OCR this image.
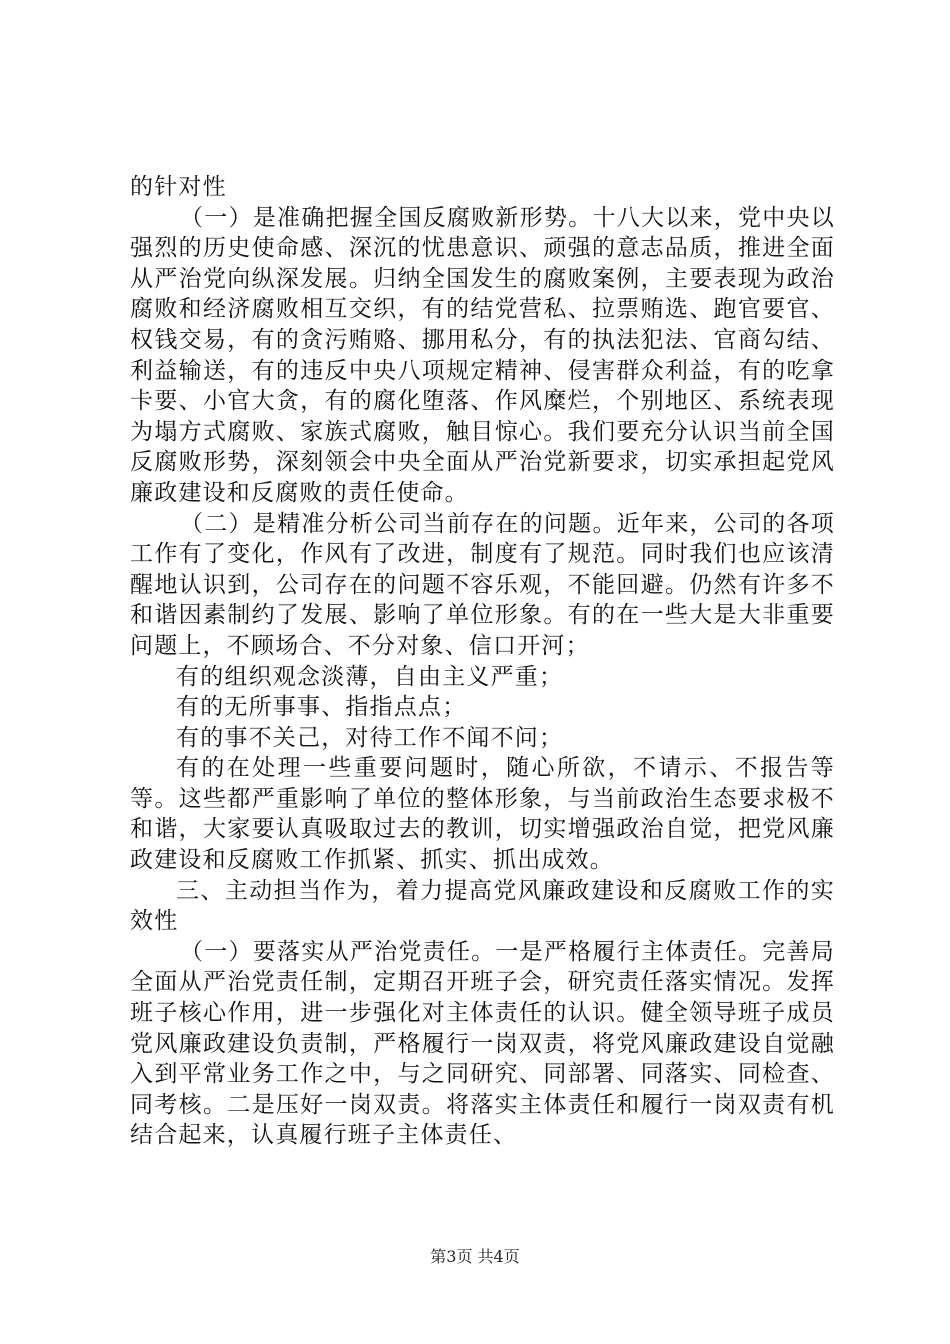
的针对性

（一）是准确把握全国反腐败新形势。十八大以来，党中央以强烈的历史使命感、深沉的忧患意识、顽强的意志品质，推进全面从严治党向纵深发展。归纳全国发生的腐败案例，主要表现为政治腐败和经济腐败相互交织，有的结党营私、拉票贿选、跑官要官、权钱交易，有的贪污贿赂、挪用私分，有的执法犯法、官商勾结、利益输送，有的违反中央八项规定精神、侵害群众利益，有的吃拿卡要、小官大贪，有的腐化堕落、作风糜烂，个别地区、系统表现为塌方式腐败、家族式腐败，触目惊心。我们要充分认识当前全国反腐败形势，深刻领会中央全面从严治党新要求，切实承担起党风廉政建设和反腐败的责任使命。

（二）是精准分析公司当前存在的问题。近年来，公司的各项工作有了变化，作风有了改进，制度有了规范。同时我们也应该清醒地认识到，公司存在的问题不容乐观，不能回避。仍然有许多不和谐因素制约了发展、影响了单位形象。有的在一些大是大非重要问题上，不顾场合、不分对象、信口开河；

有的组织观念淡薄，自由主义严重；

有的无所事事、指指点点；

有的事不关己，对待工作不闻不问；

有的在处理一些重要问题时，随心所欲，不请示、不报告等等。这些都严重影响了单位的整体形象，与当前政治生态要求极不和谐，大家要认真吸取过去的教训，切实增强政治自觉，把党风廉政建设和反腐败工作抓紧、抓实、抓出成效。

三、主动担当作为，着力提高党风廉政建设和反腐败工作的实效性

（一）要落实从严治党责任。一是严格履行主体责任。完善局全面从严治党责任制，定期召开班子会，研究责任落实情况。发挥班子核心作用，进一步强化对主体责任的认识。健全领导班子成员党风廉政建设负责制，严格履行一岗双责，将党风廉政建设自觉融入到平常业务工作之中，与之同研究、同部署、同落实、同检查、同考核。二是压好一岗双责。将落实主体责任和履行一岗双责有机结合起来，认真履行班子主体责任、

第3页 共4页
